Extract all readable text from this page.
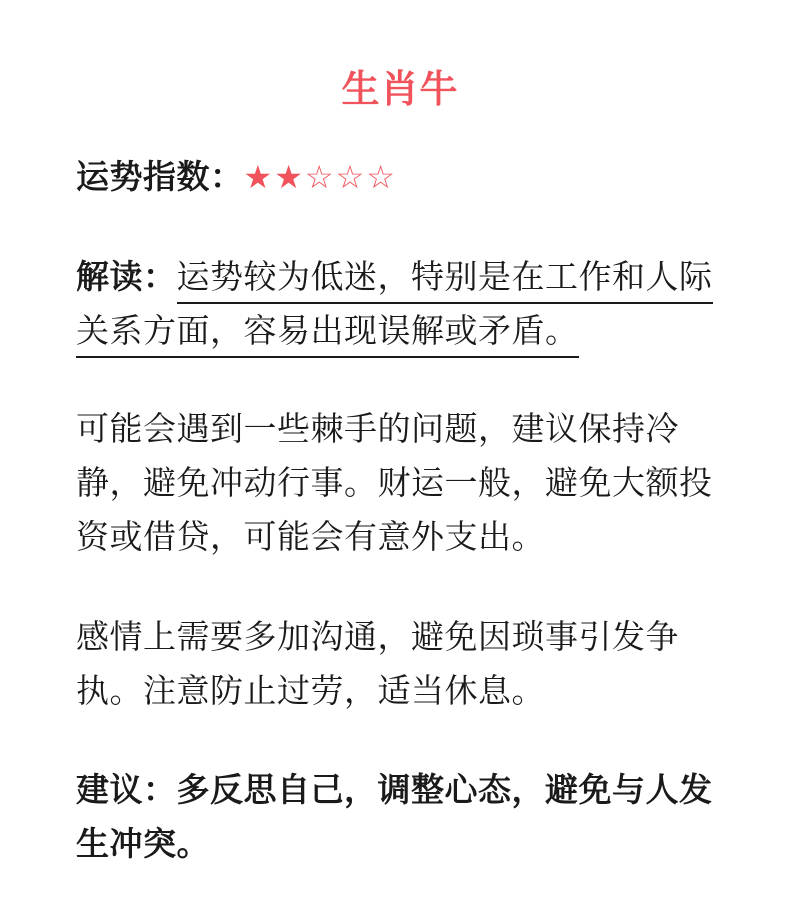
生肖牛
运势指数：★★☆☆☆
解读：运势较为低迷，特别是在工作和人际关系方面，容易出现误解或矛盾。
可能会遇到一些棘手的问题，建议保持冷静，避免冲动行事。财运一般，避免大额投资或借贷，可能会有意外支出。
感情上需要多加沟通，避免因琐事引发争执。注意防止过劳，适当休息。
建议：多反思自己，调整心态，避免与人发生冲突。
